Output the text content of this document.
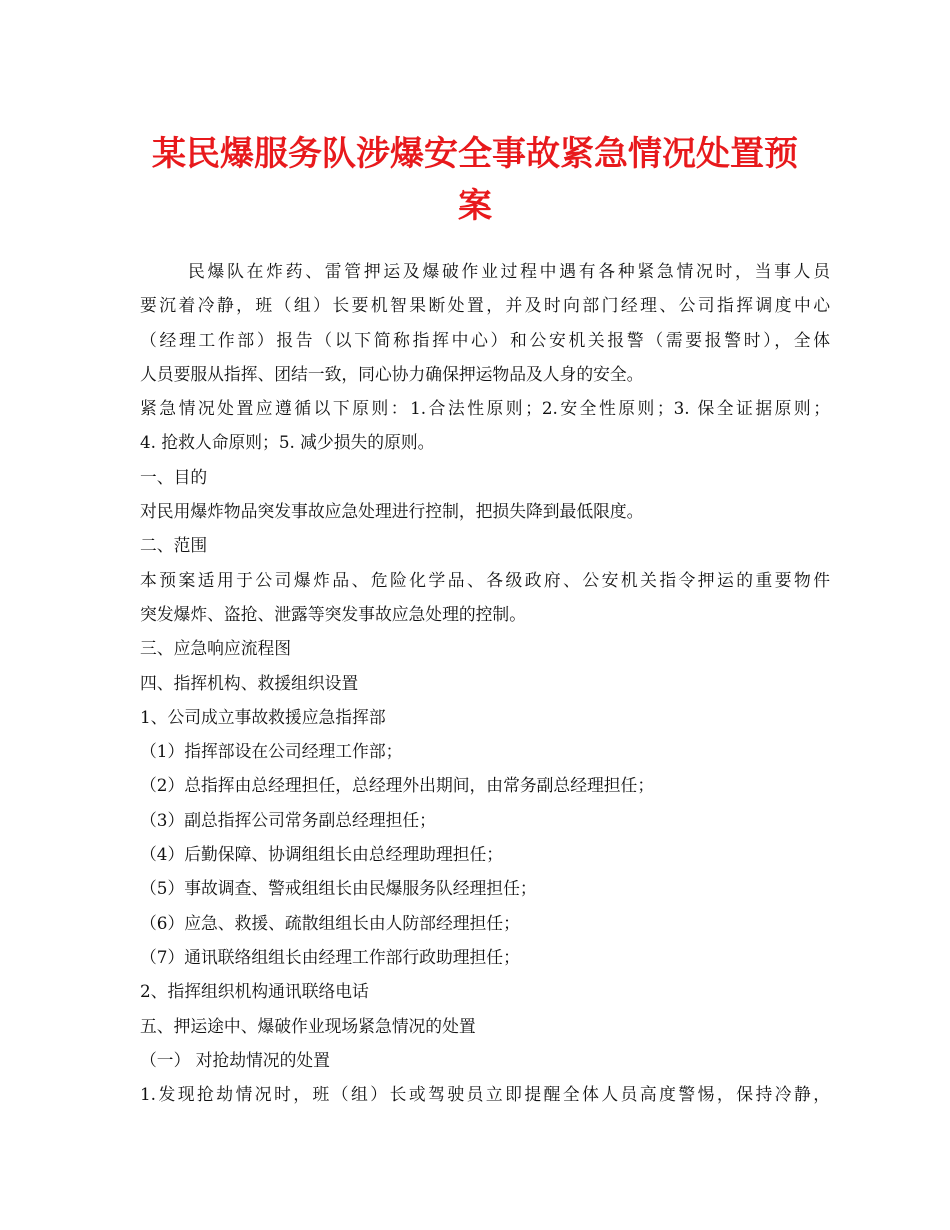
某民爆服务队涉爆安全事故紧急情况处置预
案

民爆队在炸药、雷管押运及爆破作业过程中遇有各种紧急情况时，当事人员

要沉着冷静，班（组）长要机智果断处置，并及时向部门经理、公司指挥调度中心

（经理工作部）报告（以下简称指挥中心）和公安机关报警（需要报警时），全体

人员要服从指挥、团结一致，同心协力确保押运物品及人身的安全。

紧急情况处置应遵循以下原则：1.合法性原则；2.安全性原则；3. 保全证据原则；

4. 抢救人命原则；5. 减少损失的原则。

一、目的

对民用爆炸物品突发事故应急处理进行控制，把损失降到最低限度。

二、范围

本预案适用于公司爆炸品、危险化学品、各级政府、公安机关指令押运的重要物件

突发爆炸、盗抢、泄露等突发事故应急处理的控制。

三、应急响应流程图

四、指挥机构、救援组织设置

1、公司成立事故救援应急指挥部

（1）指挥部设在公司经理工作部；

（2）总指挥由总经理担任，总经理外出期间，由常务副总经理担任；

（3）副总指挥公司常务副总经理担任；

（4）后勤保障、协调组组长由总经理助理担任；

（5）事故调查、警戒组组长由民爆服务队经理担任；

（6）应急、救援、疏散组组长由人防部经理担任；

（7）通讯联络组组长由经理工作部行政助理担任；

2、指挥组织机构通讯联络电话

五、押运途中、爆破作业现场紧急情况的处置

（一） 对抢劫情况的处置

1.发现抢劫情况时，班（组）长或驾驶员立即提醒全体人员高度警惕，保持冷静，
